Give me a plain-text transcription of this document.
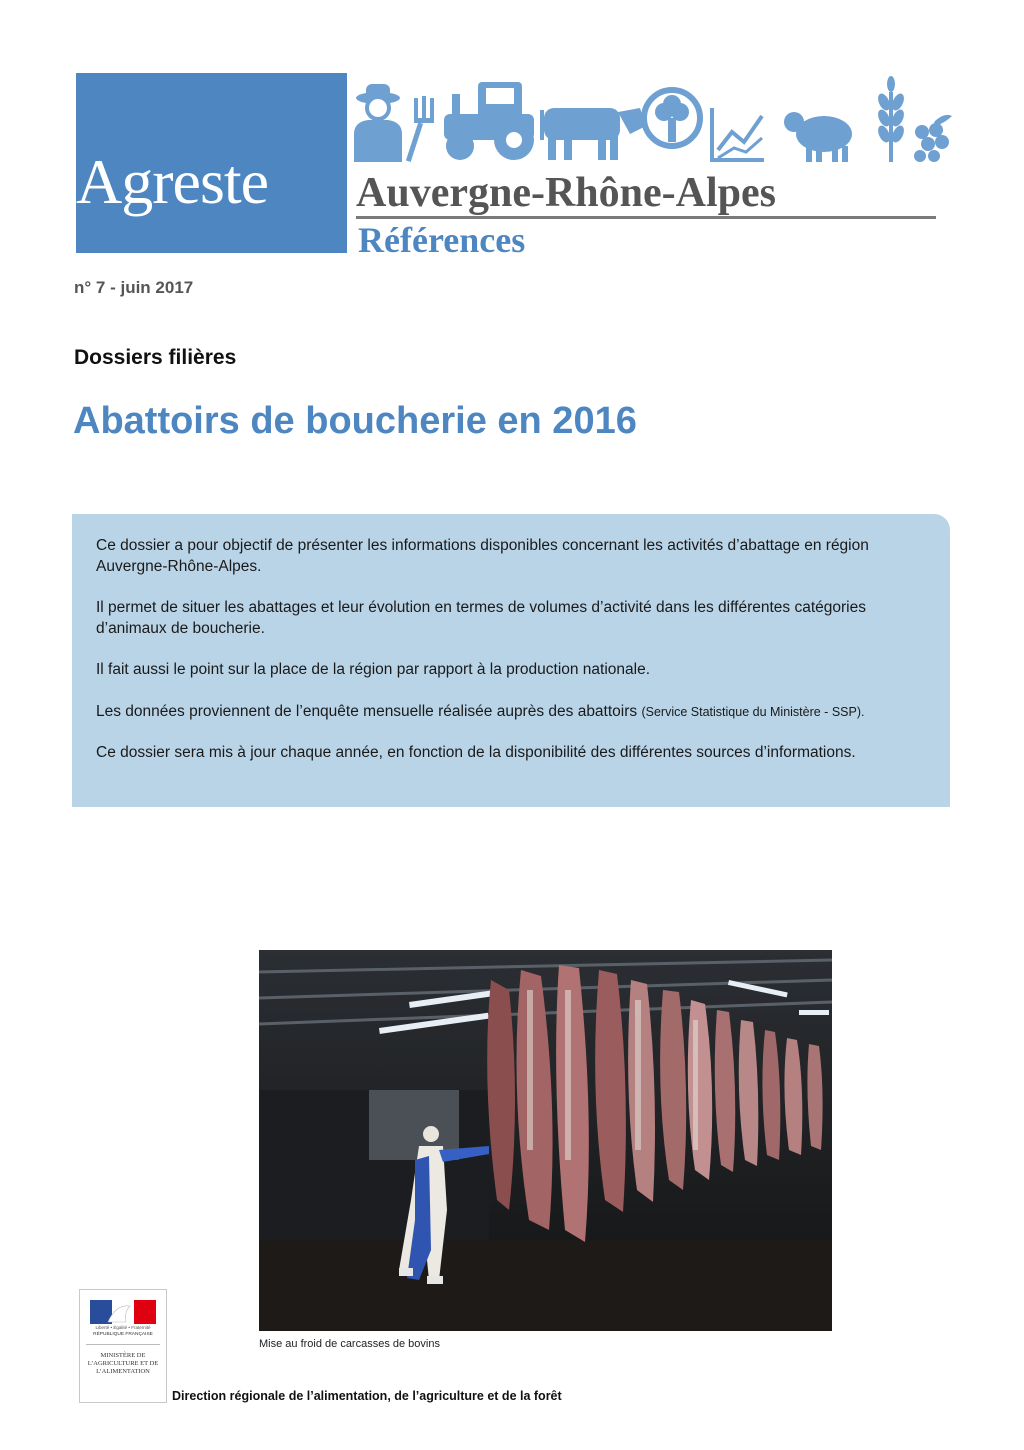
Agreste	Auvergne-Rhône-Alpes
Références
n° 7 - juin 2017
Dossiers filières
Abattoirs de boucherie en 2016

Ce dossier a pour objectif de présenter les informations disponibles concernant les activités d’abattage en région Auvergne-Rhône-Alpes.

Il permet de situer les abattages et leur évolution en termes de volumes d’activité dans les différentes catégories d’animaux de boucherie.

Il fait aussi le point sur la place de la région par rapport à la production nationale.

Les données proviennent de l’enquête mensuelle réalisée auprès des abattoirs (Service Statistique du Ministère - SSP).

Ce dossier sera mis à jour chaque année, en fonction de la disponibilité des différentes sources d’informations.

Mise au froid de carcasses de bovins
Liberté • Égalité • Fraternité
RÉPUBLIQUE FRANÇAISE
MINISTÈRE DE L’AGRICULTURE ET DE L’ALIMENTATION
Direction régionale de l’alimentation, de l’agriculture et de la forêt
